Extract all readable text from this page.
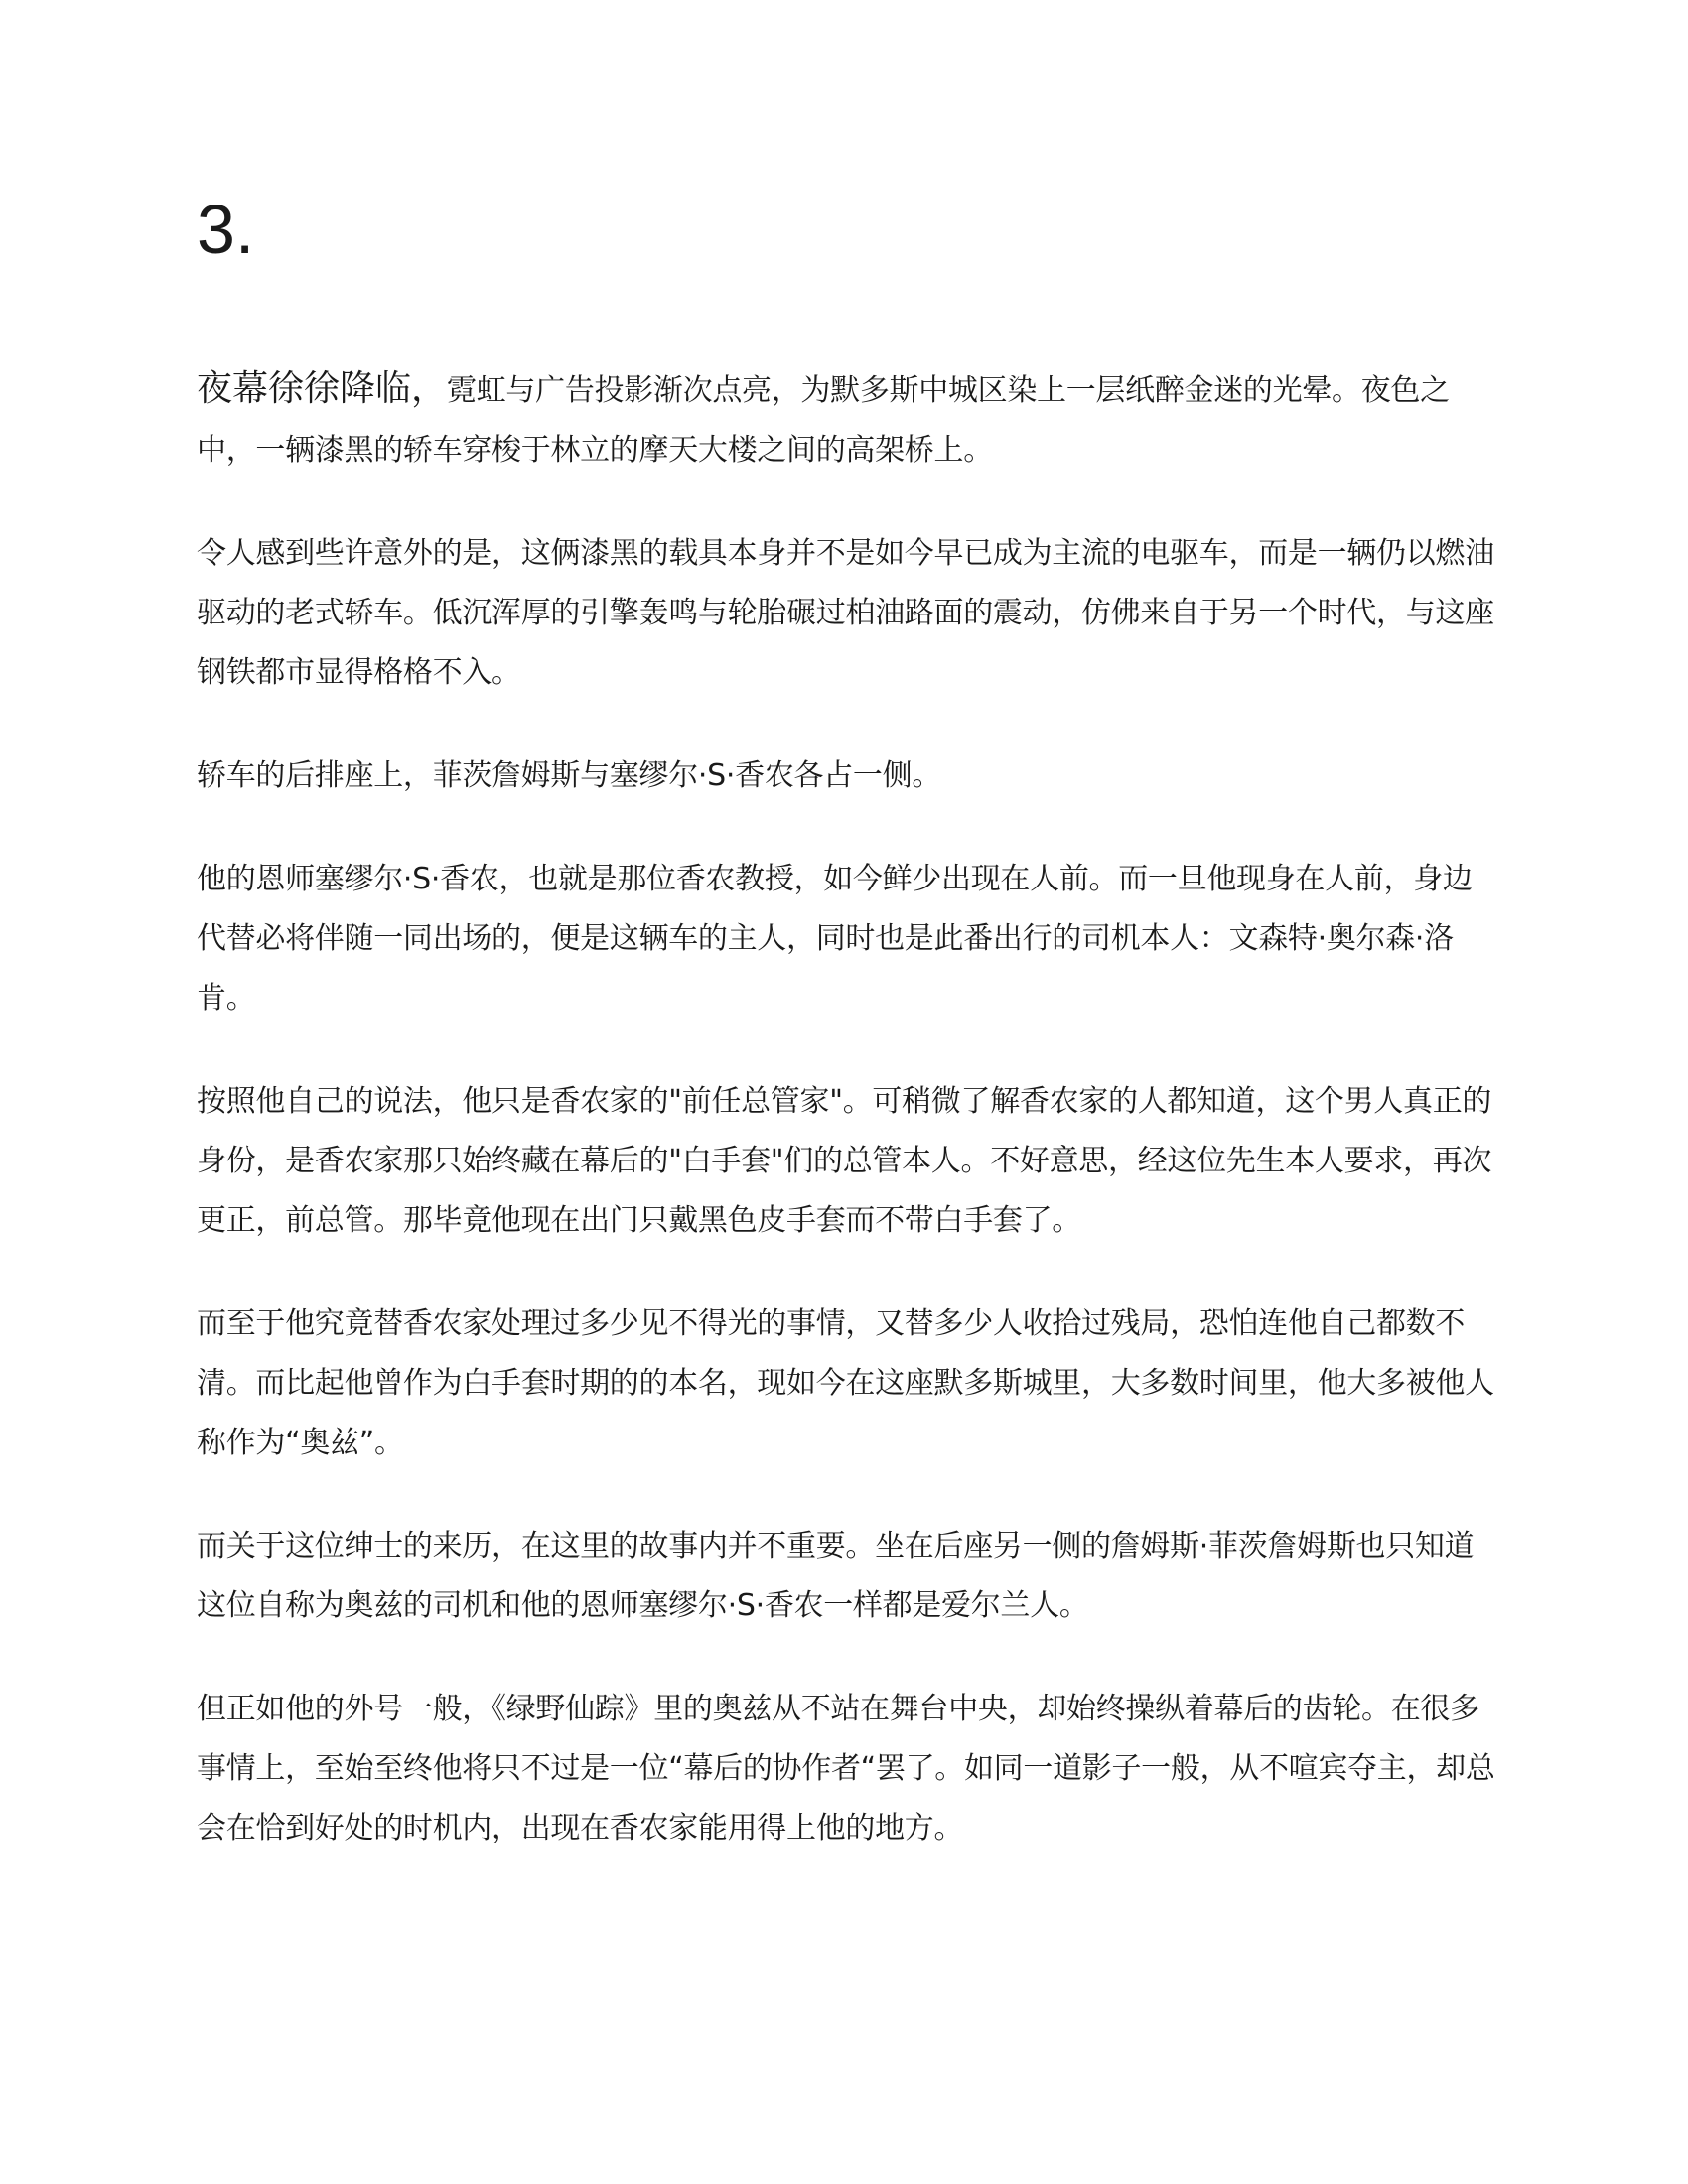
3.

夜幕徐徐降临，霓虹与广告投影渐次点亮，为默多斯中城区染上一层纸醉金迷的光晕。夜色之中，一辆漆黑的轿车穿梭于林立的摩天大楼之间的高架桥上。

令人感到些许意外的是，这俩漆黑的载具本身并不是如今早已成为主流的电驱车，而是一辆仍以燃油驱动的老式轿车。低沉浑厚的引擎轰鸣与轮胎碾过柏油路面的震动，仿佛来自于另一个时代，与这座钢铁都市显得格格不入。

轿车的后排座上，菲茨詹姆斯与塞缪尔·S·香农各占一侧。

他的恩师塞缪尔·S·香农，也就是那位香农教授，如今鲜少出现在人前。而一旦他现身在人前，身边代替必将伴随一同出场的，便是这辆车的主人，同时也是此番出行的司机本人：文森特·奥尔森·洛肯。

按照他自己的说法，他只是香农家的"前任总管家"。可稍微了解香农家的人都知道，这个男人真正的身份，是香农家那只始终藏在幕后的"白手套"们的总管本人。不好意思，经这位先生本人要求，再次更正，前总管。那毕竟他现在出门只戴黑色皮手套而不带白手套了。

而至于他究竟替香农家处理过多少见不得光的事情，又替多少人收拾过残局，恐怕连他自己都数不清。而比起他曾作为白手套时期的的本名，现如今在这座默多斯城里，大多数时间里，他大多被他人称作为“奥兹”。

而关于这位绅士的来历，在这里的故事内并不重要。坐在后座另一侧的詹姆斯·菲茨詹姆斯也只知道这位自称为奥兹的司机和他的恩师塞缪尔·S·香农一样都是爱尔兰人。

但正如他的外号一般，《绿野仙踪》里的奥兹从不站在舞台中央，却始终操纵着幕后的齿轮。在很多事情上，至始至终他将只不过是一位“幕后的协作者“罢了。如同一道影子一般，从不喧宾夺主，却总会在恰到好处的时机内，出现在香农家能用得上他的地方。
